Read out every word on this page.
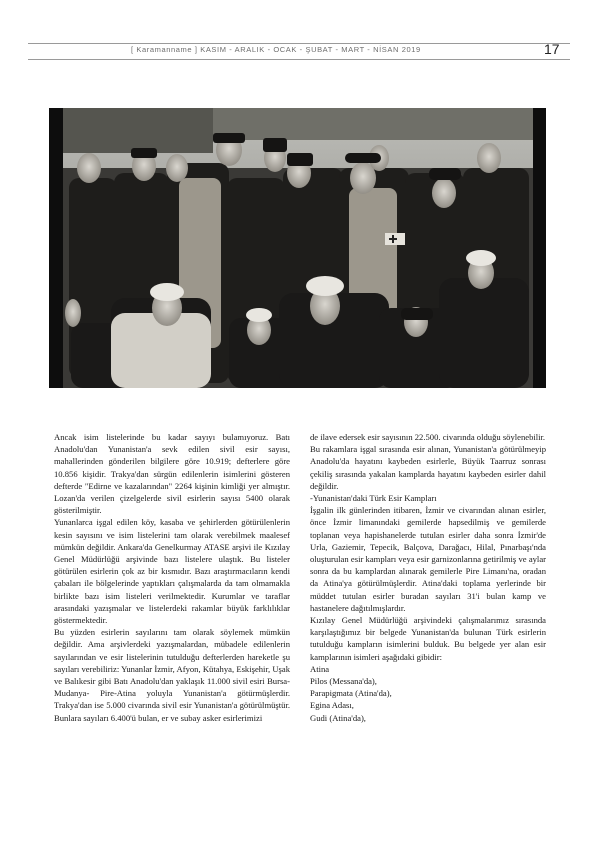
[ Karamanname ] KASIM - ARALIK - OCAK - ŞUBAT - MART - NİSAN 2019	17

Ancak isim listelerinde bu kadar sayıyı bulamıyoruz. Batı Anadolu'dan Yunanistan'a sevk edilen sivil esir sayısı, mahallerinden gönderilen bilgilere göre 10.919; defterlere göre 10.856 kişidir. Trakya'dan sürgün edilenlerin isimlerini gösteren defterde "Edirne ve kazalarından" 2264 kişinin kimliği yer almıştır. Lozan'da verilen çizelgelerde sivil esirlerin sayısı 5400 olarak gösterilmiştir.

Yunanlarca işgal edilen köy, kasaba ve şehirlerden götürülenlerin kesin sayısını ve isim listelerini tam olarak verebilmek maalesef mümkün değildir. Ankara'da Genelkurmay ATASE arşivi ile Kızılay Genel Müdürlüğü arşivinde bazı listelere ulaştık. Bu listeler götürülen esirlerin çok az bir kısmıdır. Bazı araştırmacıların kendi çabaları ile bölgelerinde yaptıkları çalışmalarda da tam olmamakla birlikte bazı isim listeleri verilmektedir. Kurumlar ve taraflar arasındaki yazışmalar ve listelerdeki rakamlar büyük farklılıklar göstermektedir.

Bu yüzden esirlerin sayılarını tam olarak söylemek mümkün değildir. Ama arşivlerdeki yazışmalardan, mübadele edilenlerin sayılarından ve esir listelerinin tutulduğu defterlerden hareketle şu sayıları verebiliriz: Yunanlar İzmir, Afyon, Kütahya, Eskişehir, Uşak ve Balıkesir gibi Batı Anadolu'dan yaklaşık 11.000 sivil esiri Bursa- Mudanya- Pire-Atina yoluyla Yunanistan'a götürmüşlerdir. Trakya'dan ise 5.000 civarında sivil esir Yunanistan'a götürülmüştür. Bunlara sayıları 6.400'ü bulan, er ve subay asker esirlerimizi

de ilave edersek esir sayısının 22.500. civarında olduğu söylenebilir.

Bu rakamlara işgal sırasında esir alınan, Yunanistan'a götürülmeyip Anadolu'da hayatını kaybeden esirlerle, Büyük Taarruz sonrası çekiliş sırasında yakalan kamplarda hayatını kaybeden esirler dahil değildir.

-Yunanistan'daki Türk Esir Kampları

İşgalin ilk günlerinden itibaren, İzmir ve civarından alınan esirler, önce İzmir limanındaki gemilerde hapsedilmiş ve gemilerde toplanan veya hapishanelerde tutulan esirler daha sonra İzmir'de Urla, Gaziemir, Tepecik, Balçova, Darağacı, Hilal, Pınarbaşı'nda oluşturulan esir kampları veya esir garnizonlarına getirilmiş ve aylar sonra da bu kamplardan alınarak gemilerle Pire Limanı'na, oradan da Atina'ya götürülmüşlerdir. Atina'daki toplama yerlerinde bir müddet tutulan esirler buradan sayıları 31'i bulan kamp ve hastanelere dağıtılmışlardır.

Kızılay Genel Müdürlüğü arşivindeki çalışmalarımız sırasında karşılaştığımız bir belgede Yunanistan'da bulunan Türk esirlerin tutulduğu kampların isimlerini bulduk. Bu belgede yer alan esir kamplarının isimleri aşağıdaki gibidir:

Atina

Pilos (Messana'da),

Parapigmata (Atina'da),

Egina Adası,

Gudi (Atina'da),
